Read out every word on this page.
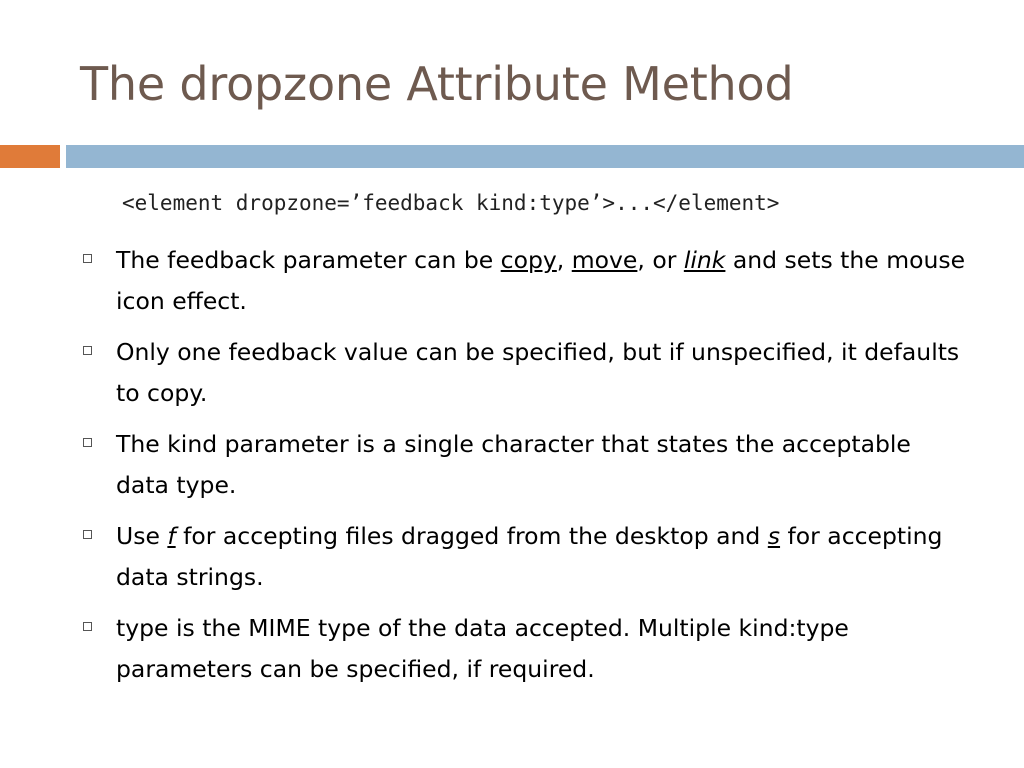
The dropzone Attribute Method
<element dropzone=’feedback kind:type’>...</element>
The feedback parameter can be copy, move, or link and sets the mouse icon effect.
Only one feedback value can be specified, but if unspecified, it defaults to copy.
The kind parameter is a single character that states the acceptable data type.
Use f for accepting files dragged from the desktop and s for accepting data strings.
type is the MIME type of the data accepted. Multiple kind:type parameters can be specified, if required.
